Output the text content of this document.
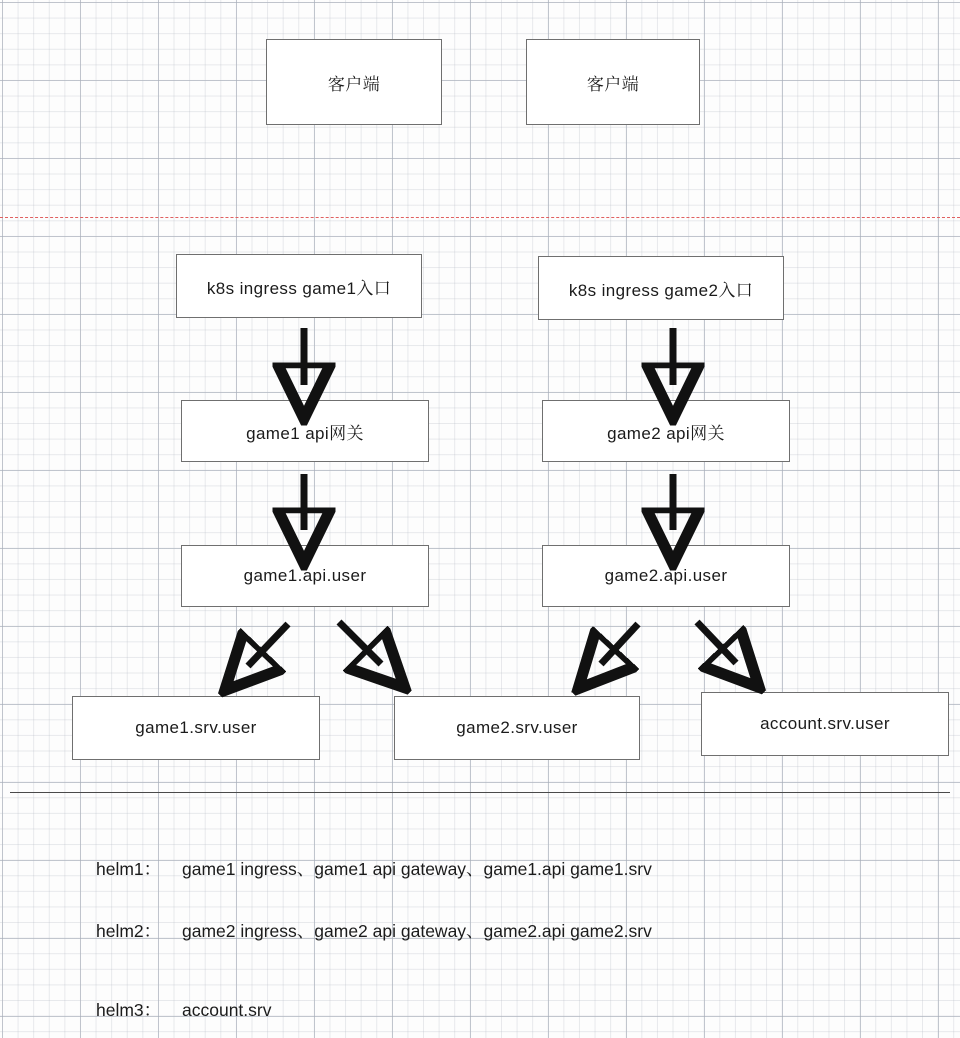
客户端	客户端
k8s ingress game1入口	k8s ingress game2入口
game1 api网关	game2 api网关
game1.api.user	game2.api.user
game1.srv.user	game2.srv.user	account.srv.user
helm1：	game1 ingress、game1 api gateway、game1.api game1.srv
helm2：	game2 ingress、game2 api gateway、game2.api game2.srv
helm3：	account.srv
